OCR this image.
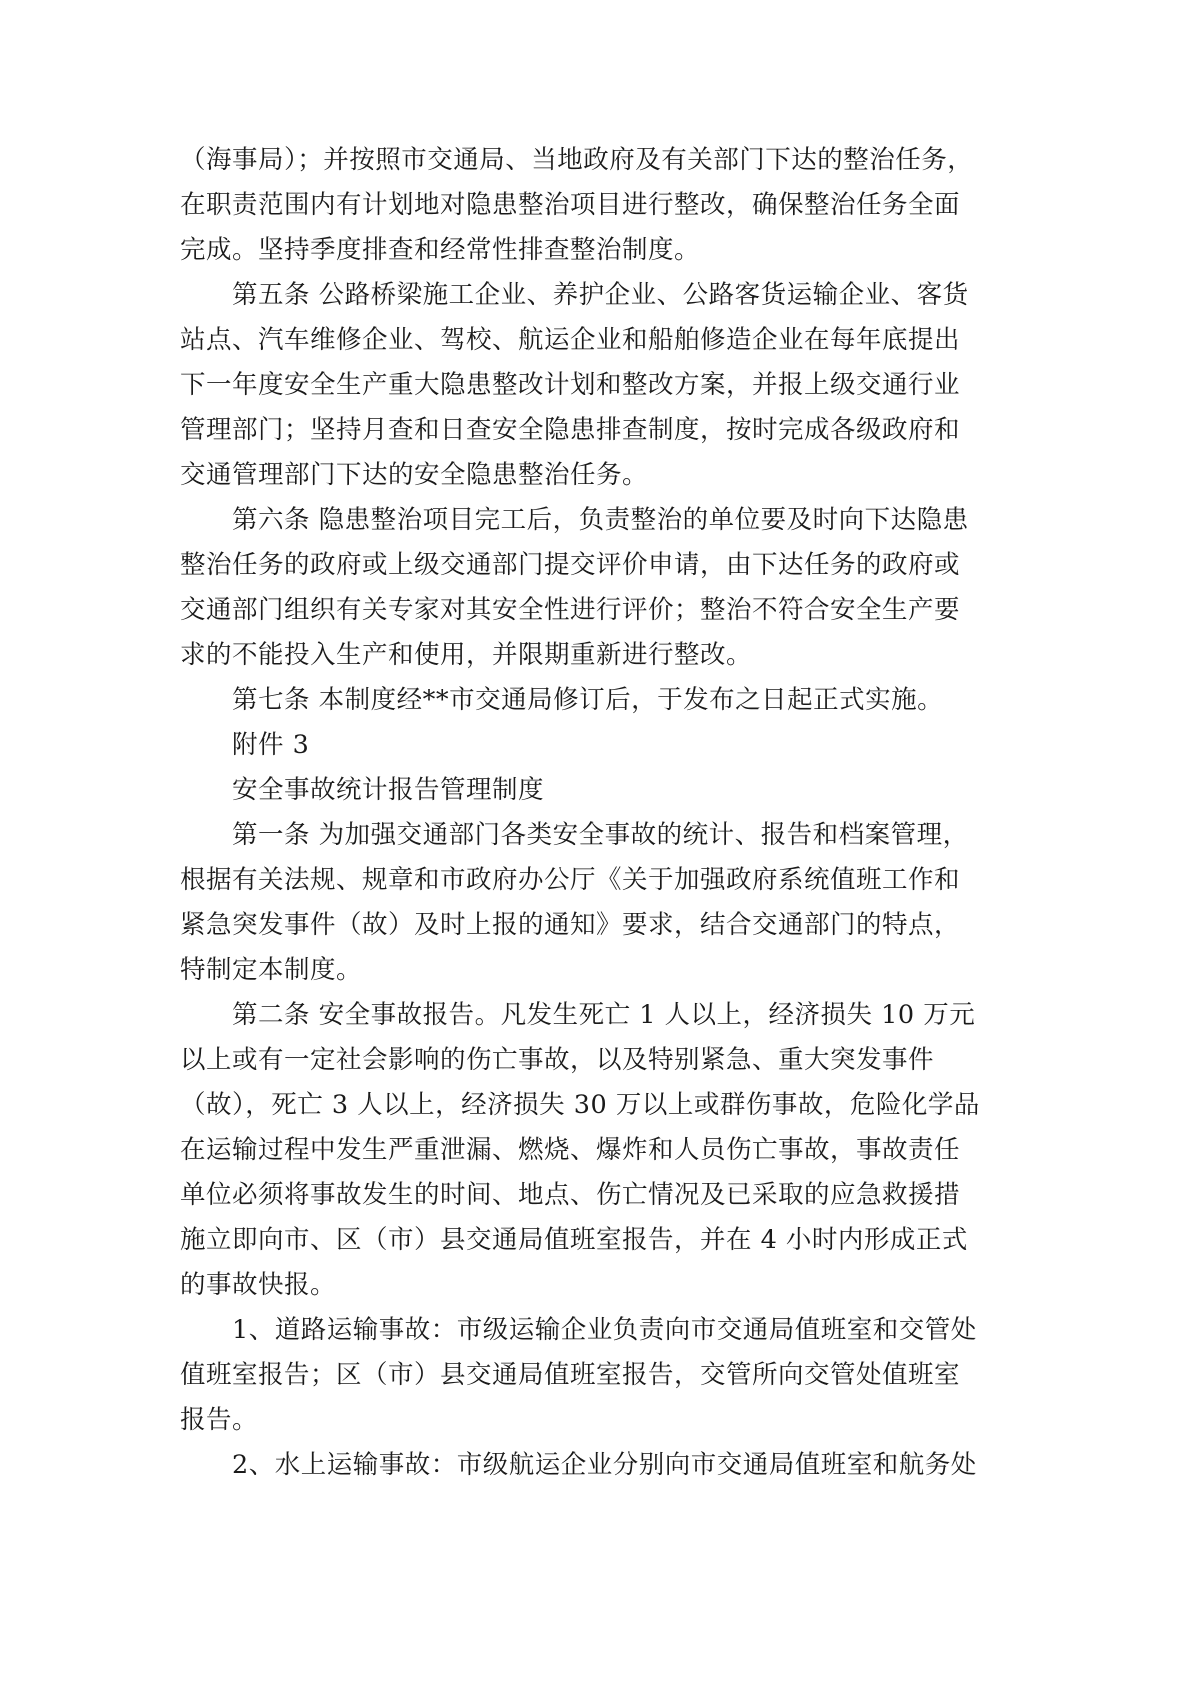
（海事局）；并按照市交通局、当地政府及有关部门下达的整治任务，
在职责范围内有计划地对隐患整治项目进行整改，确保整治任务全面
完成。坚持季度排查和经常性排查整治制度。
第五条 公路桥梁施工企业、养护企业、公路客货运输企业、客货
站点、汽车维修企业、驾校、航运企业和船舶修造企业在每年底提出
下一年度安全生产重大隐患整改计划和整改方案，并报上级交通行业
管理部门；坚持月查和日查安全隐患排查制度，按时完成各级政府和
交通管理部门下达的安全隐患整治任务。
第六条 隐患整治项目完工后，负责整治的单位要及时向下达隐患
整治任务的政府或上级交通部门提交评价申请，由下达任务的政府或
交通部门组织有关专家对其安全性进行评价；整治不符合安全生产要
求的不能投入生产和使用，并限期重新进行整改。
第七条 本制度经**市交通局修订后，于发布之日起正式实施。
附件 3
安全事故统计报告管理制度
第一条 为加强交通部门各类安全事故的统计、报告和档案管理，
根据有关法规、规章和市政府办公厅《关于加强政府系统值班工作和
紧急突发事件（故）及时上报的通知》要求，结合交通部门的特点，
特制定本制度。
第二条 安全事故报告。凡发生死亡 1 人以上，经济损失 10 万元
以上或有一定社会影响的伤亡事故，以及特别紧急、重大突发事件
（故），死亡 3 人以上，经济损失 30 万以上或群伤事故，危险化学品
在运输过程中发生严重泄漏、燃烧、爆炸和人员伤亡事故，事故责任
单位必须将事故发生的时间、地点、伤亡情况及已采取的应急救援措
施立即向市、区（市）县交通局值班室报告，并在 4 小时内形成正式
的事故快报。
1、道路运输事故：市级运输企业负责向市交通局值班室和交管处
值班室报告；区（市）县交通局值班室报告，交管所向交管处值班室
报告。
2、水上运输事故：市级航运企业分别向市交通局值班室和航务处
